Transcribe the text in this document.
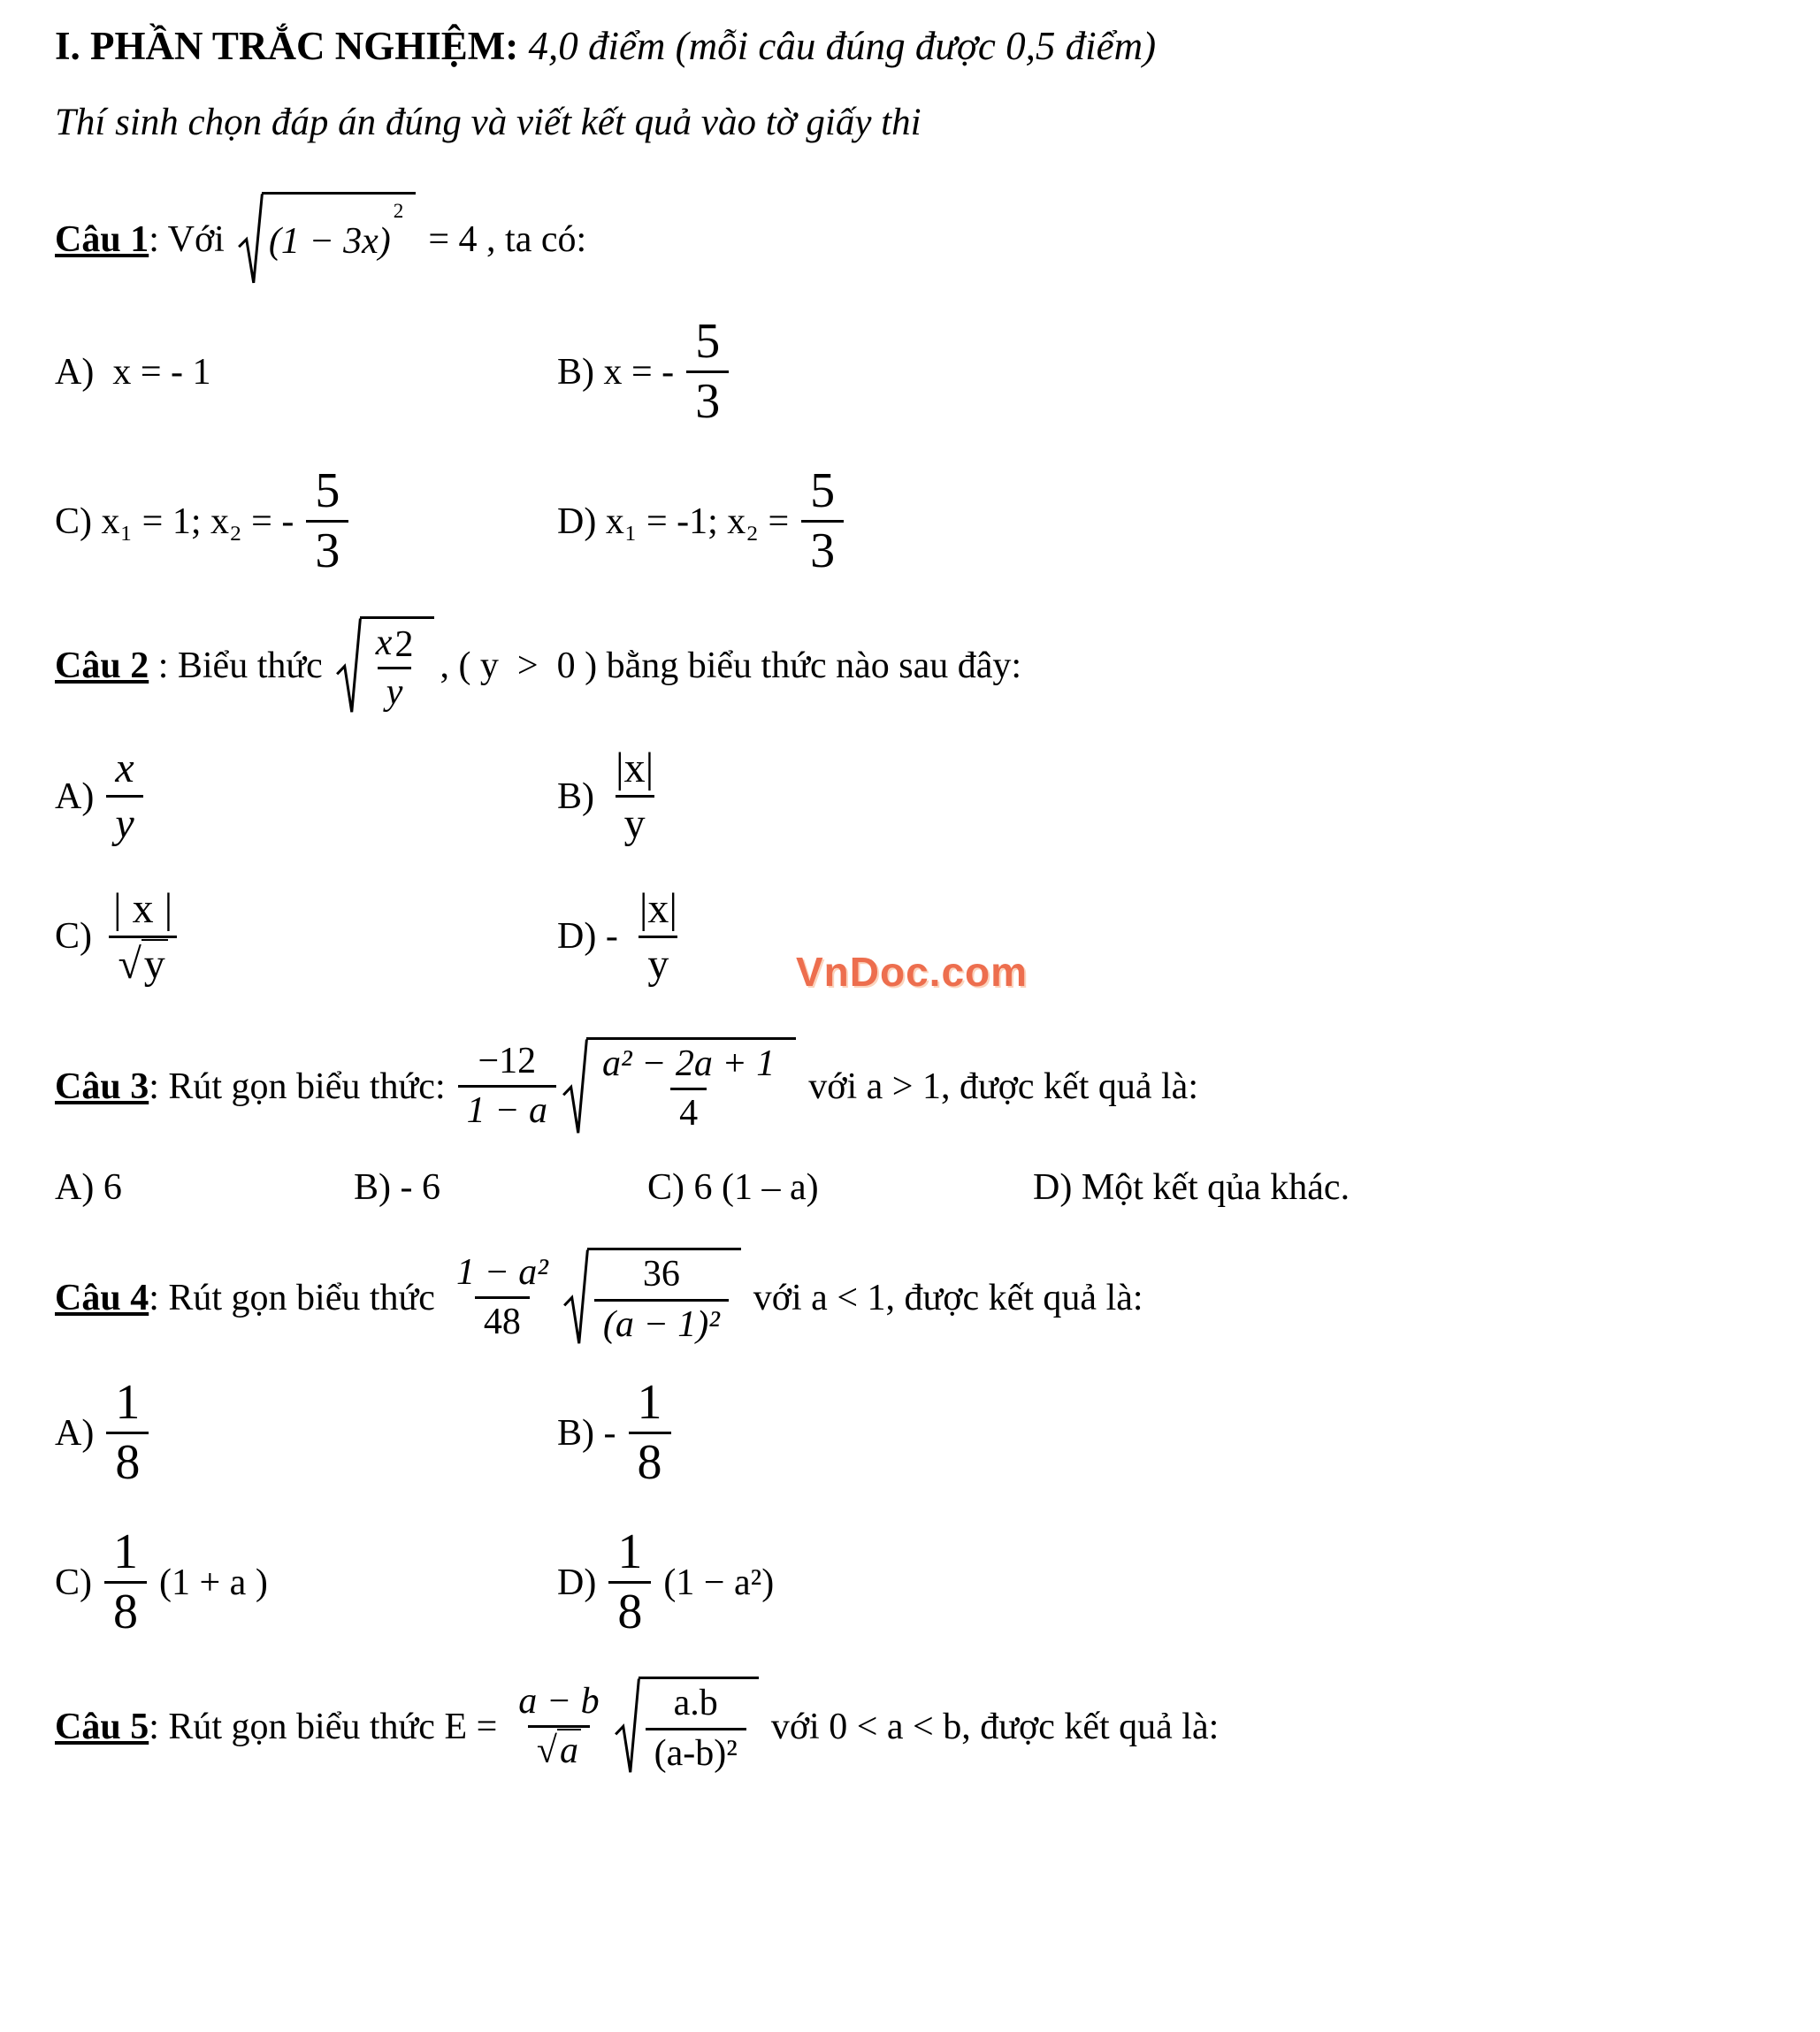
VnDoc.com

I. PHẦN TRẮC NGHIỆM: 4,0 điểm (mỗi câu đúng được 0,5 điểm)

Thí sinh chọn đáp án đúng và viết kết quả vào tờ giấy thi

Câu 1: Với (1 − 3x)
2
= 4 , ta có:
A)  x = - 1	B) x = - $\frac{5}{3}$
C) x₁ = 1; x₂ = - $\frac{5}{3}$	D) x₁ = -1; $x_2 = \frac{5}{3}$
Câu 2 : Biểu thức $\frac{x2}{y}$ , ( y  >  0 ) bằng biểu thức nào sau đây:
$A) \frac{x}{y}$	$B) \frac{|x|}{y}$
$C) \frac{| x |}{√y}$	$D) - \frac{|x|}{y}$
Câu 3: Rút gọn biểu thức: $\frac{-12}{1 - a} \frac{\text{a² − 2a + 1}}{4}$ với a > 1, được kết quả là:
A) 6	B) - 6	C) 6 (1 – a)	D) Một kết qủa khác.
Câu 4: Rút gọn biểu thức $\frac{\text{1 − a²}}{48} \frac{36}{\text{(a − 1)²}}$ với a < 1, được kết quả là:
$A) \frac{1}{8}$	$B) - \frac{1}{8}$
$C) \frac{1}{8} (1 + a$ )	$D) \frac{1}{8} (1 - a^2)$
Câu 5: Rút gọn biểu thức $E = \frac{a - b}{√a} \frac{a.b}{\text{(a-b)²}}$ với 0 < a < b, được kết quả là:
